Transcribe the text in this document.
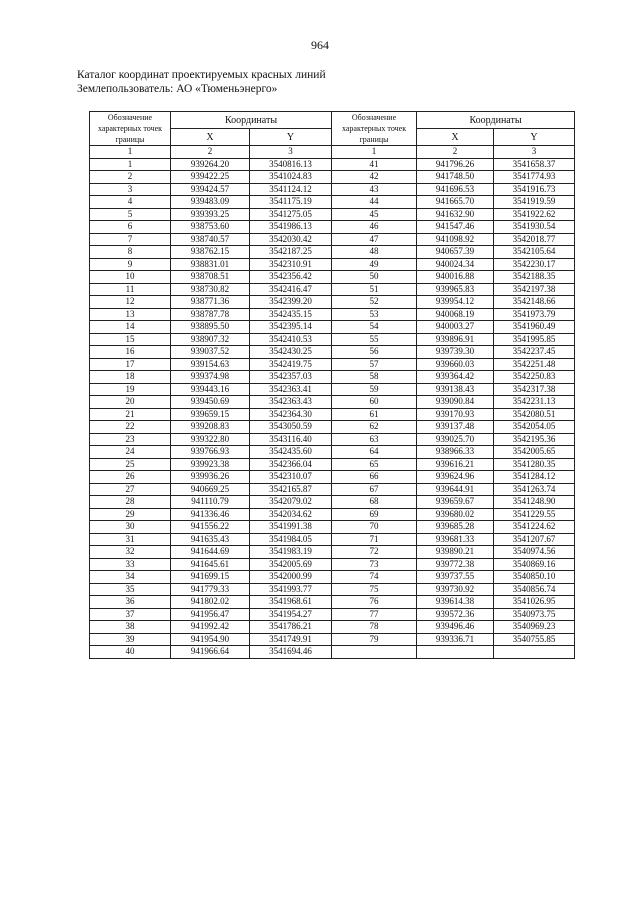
964
Каталог координат проектируемых красных линий
Землепользователь: АО «Тюменьэнерго»
Обозначение характерных точек границы	Координаты		Обозначение характерных точек границы	Координаты	
	X	Y		X	Y
1	2	3	1	2	3
1	939264.20	3540816.13	41	941796.26	3541658.37
2	939422.25	3541024.83	42	941748.50	3541774.93
3	939424.57	3541124.12	43	941696.53	3541916.73
4	939483.09	3541175.19	44	941665.70	3541919.59
5	939393.25	3541275.05	45	941632.90	3541922.62
6	938753.60	3541986.13	46	941547.46	3541930.54
7	938740.57	3542030.42	47	941098.92	3542018.77
8	938762.15	3542187.25	48	940657.39	3542105.64
9	938831.01	3542310.91	49	940024.34	3542230.17
10	938708.51	3542356.42	50	940016.88	3542188.35
11	938730.82	3542416.47	51	939965.83	3542197.38
12	938771.36	3542399.20	52	939954.12	3542148.66
13	938787.78	3542435.15	53	940068.19	3541973.79
14	938895.50	3542395.14	54	940003.27	3541960.49
15	938907.32	3542410.53	55	939896.91	3541995.85
16	939037.52	3542430.25	56	939739.30	3542237.45
17	939154.63	3542419.75	57	939660.03	3542251.48
18	939374.98	3542357.03	58	939364.42	3542250.83
19	939443.16	3542363.41	59	939138.43	3542317.38
20	939450.69	3542363.43	60	939090.84	3542231.13
21	939659.15	3542364.30	61	939170.93	3542080.51
22	939208.83	3543050.59	62	939137.48	3542054.05
23	939322.80	3543116.40	63	939025.70	3542195.36
24	939766.93	3542435.60	64	938966.33	3542005.65
25	939923.38	3542366.04	65	939616.21	3541280.35
26	939936.26	3542310.07	66	939624.96	3541284.12
27	940669.25	3542165.87	67	939644.91	3541263.74
28	941110.79	3542079.02	68	939659.67	3541248.90
29	941336.46	3542034.62	69	939680.02	3541229.55
30	941556.22	3541991.38	70	939685.28	3541224.62
31	941635.43	3541984.05	71	939681.33	3541207.67
32	941644.69	3541983.19	72	939890.21	3540974.56
33	941645.61	3542005.69	73	939772.38	3540869.16
34	941699.15	3542000.99	74	939737.55	3540850.10
35	941779.33	3541993.77	75	939730.92	3540856.74
36	941802.02	3541968.61	76	939614.38	3541026.95
37	941956.47	3541954.27	77	939572.36	3540973.75
38	941992.42	3541786.21	78	939496.46	3540969.23
39	941954.90	3541749.91	79	939336.71	3540755.85
40	941966.64	3541694.46			
